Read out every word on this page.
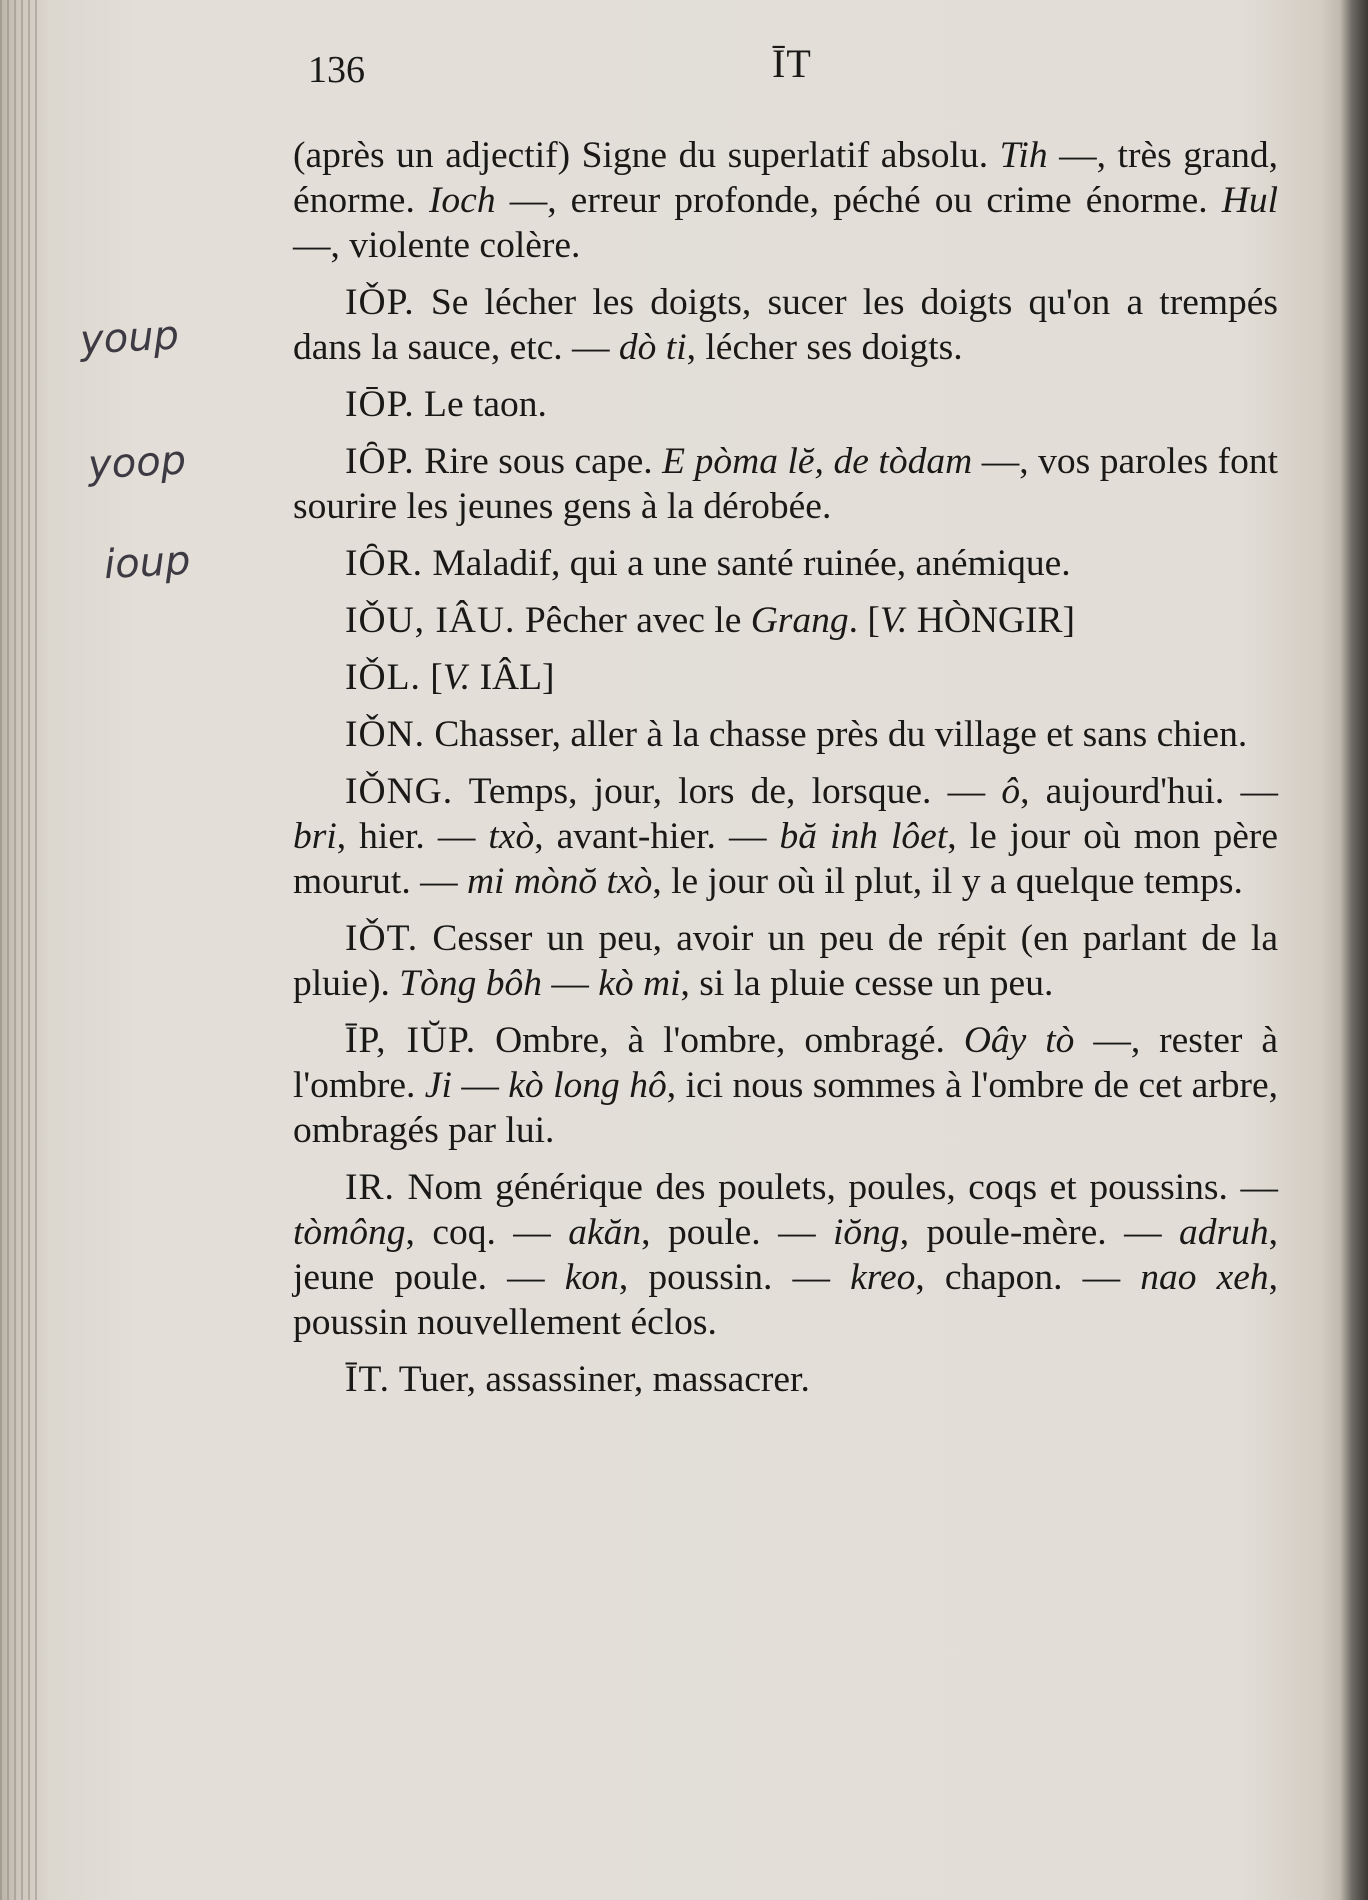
136	ĪT
youp
yoop
ioup

(après un adjectif) Signe du superlatif absolu. Tih —, très grand, énorme. Ioch —, erreur profonde, péché ou crime énorme. Hul —, violente colère.

IǑP. Se lécher les doigts, sucer les doigts qu'on a trempés dans la sauce, etc. — dò ti, lécher ses doigts.

IŌP. Le taon.

IȎP. Rire sous cape. E pòma lĕ, de tòdam —, vos paroles font sourire les jeunes gens à la dérobée.

IȎR. Maladif, qui a une santé ruinée, anémique.

IǑU, IÂU. Pêcher avec le Grang. [V. HÒNGIR]

IǑL. [V. IÂL]

IǑN. Chasser, aller à la chasse près du village et sans chien.

IǑNG. Temps, jour, lors de, lorsque. — ô, aujourd'hui. — bri, hier. — txò, avant-hier. — bă inh lôet, le jour où mon père mourut. — mi mònŏ txò, le jour où il plut, il y a quelque temps.

IǑT. Cesser un peu, avoir un peu de répit (en parlant de la pluie). Tòng bôh — kò mi, si la pluie cesse un peu.

ĪP, IŬP. Ombre, à l'ombre, ombragé. Oây tò —, rester à l'ombre. Ji — kò long hô, ici nous sommes à l'ombre de cet arbre, ombragés par lui.

IR. Nom générique des poulets, poules, coqs et poussins. — tòmông, coq. — akăn, poule. — iŏng, poule-mère. — adruh, jeune poule. — kon, poussin. — kreo, chapon. — nao xeh, poussin nouvellement éclos.

ĪT. Tuer, assassiner, massacrer.
